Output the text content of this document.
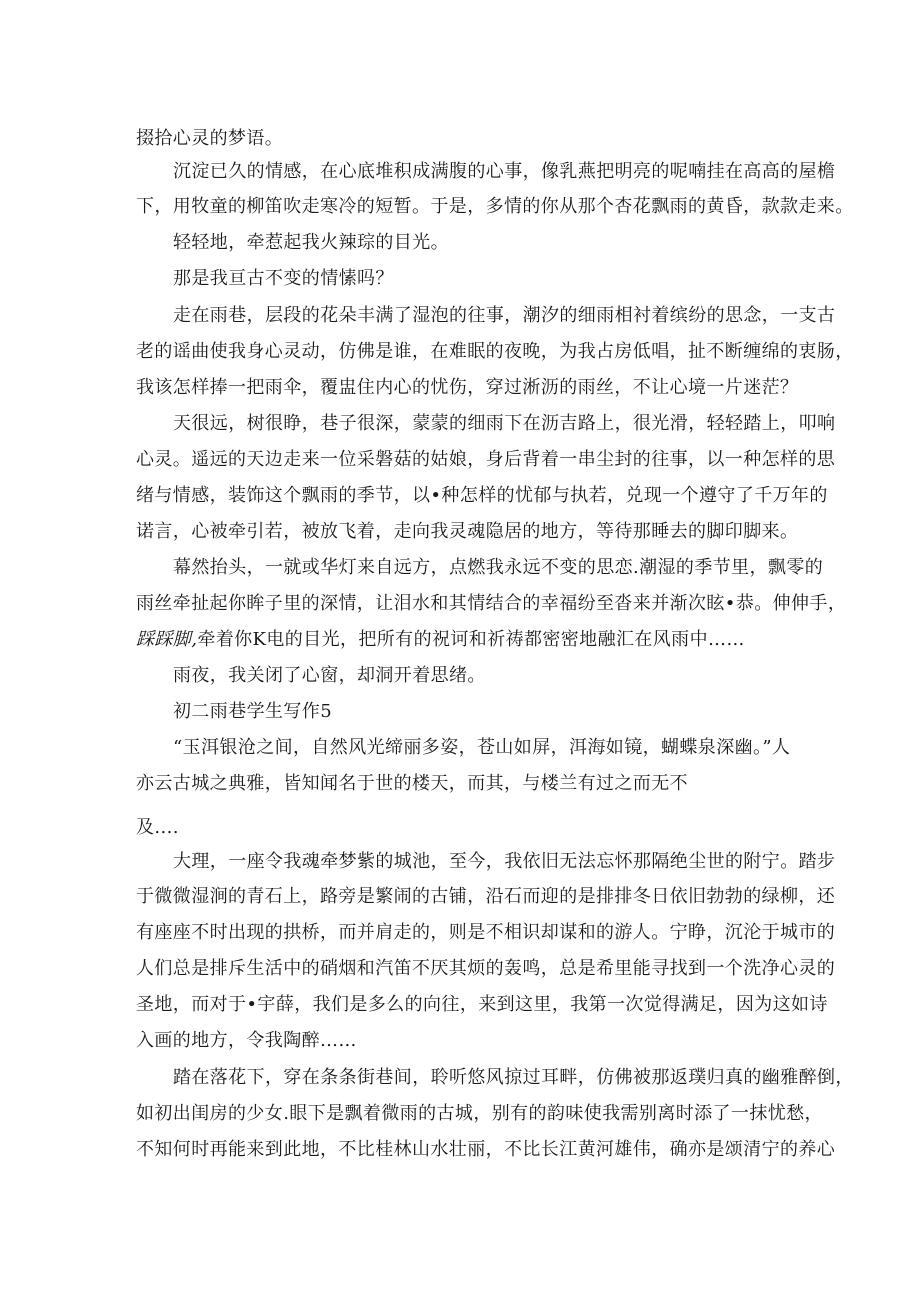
掇拾心灵的梦语。
沉淀已久的情感，在心底堆积成满腹的心事，像乳燕把明亮的呢喃挂在高高的屋檐
下，用牧童的柳笛吹走寒冷的短暂。于是，多情的你从那个杏花飘雨的黄昏，款款走来。
轻轻地，牵惹起我火辣琮的目光。
那是我亘古不变的情愫吗？
走在雨巷，层段的花朵丰满了湿泡的往事，潮汐的细雨相衬着缤纷的思念，一支古
老的谣曲使我身心灵动，仿佛是谁，在难眠的夜晚，为我占房低唱，扯不断缠绵的衷肠，
我该怎样捧一把雨伞，覆盅住内心的忧伤，穿过淅沥的雨丝，不让心境一片迷茫？
天很远，树很睁，巷子很深，蒙蒙的细雨下在沥吉路上，很光滑，轻轻踏上，叩响
心灵。遥远的天边走来一位采磐菇的姑娘，身后背着一串尘封的往事，以一种怎样的思
绪与情感，装饰这个飘雨的季节，以•种怎样的忧郁与执若，兑现一个遵守了千万年的
诺言，心被牵引若，被放飞着，走向我灵魂隐居的地方，等待那睡去的脚印脚来。
幕然抬头，一就或华灯来自远方，点燃我永远不变的思恋.潮湿的季节里，飘零的
雨丝牵扯起你眸子里的深情，让泪水和其情结合的幸福纷至沓来并渐次眩•恭。伸伸手，
踩踩脚,牵着你K电的目光，把所有的祝诃和祈祷都密密地融汇在风雨中……
雨夜，我关闭了心窗，却洞开着思绪。
初二雨巷学生写作5
“玉洱银沧之间，自然风光缔丽多姿，苍山如屏，洱海如镜，蝴蝶泉深幽。”人
亦云古城之典雅，皆知闻名于世的楼天，而其，与楼兰有过之而无不
及....
大理，一座令我魂牵梦紫的城池，至今，我依旧无法忘怀那隔绝尘世的附宁。踏步
于微微湿涧的青石上，路旁是繁闹的古铺，沿石而迎的是排排冬日依旧勃勃的绿柳，还
有座座不时出现的拱桥，而并肩走的，则是不相识却谋和的游人。宁睁，沉沦于城市的
人们总是排斥生活中的硝烟和汽笛不厌其烦的轰鸣，总是希里能寻找到一个洗净心灵的
圣地，而对于•宇薛，我们是多么的向往，来到这里，我第一次觉得满足，因为这如诗
入画的地方，令我陶醉……
踏在落花下，穿在条条街巷间，聆听悠风掠过耳畔，仿佛被那返璞归真的幽雅醉倒，
如初出闺房的少女.眼下是飘着微雨的古城，别有的韵味使我需别离时添了一抹忧愁，
不知何时再能来到此地，不比桂林山水壮丽，不比长江黄河雄伟，确亦是颂清宁的养心
